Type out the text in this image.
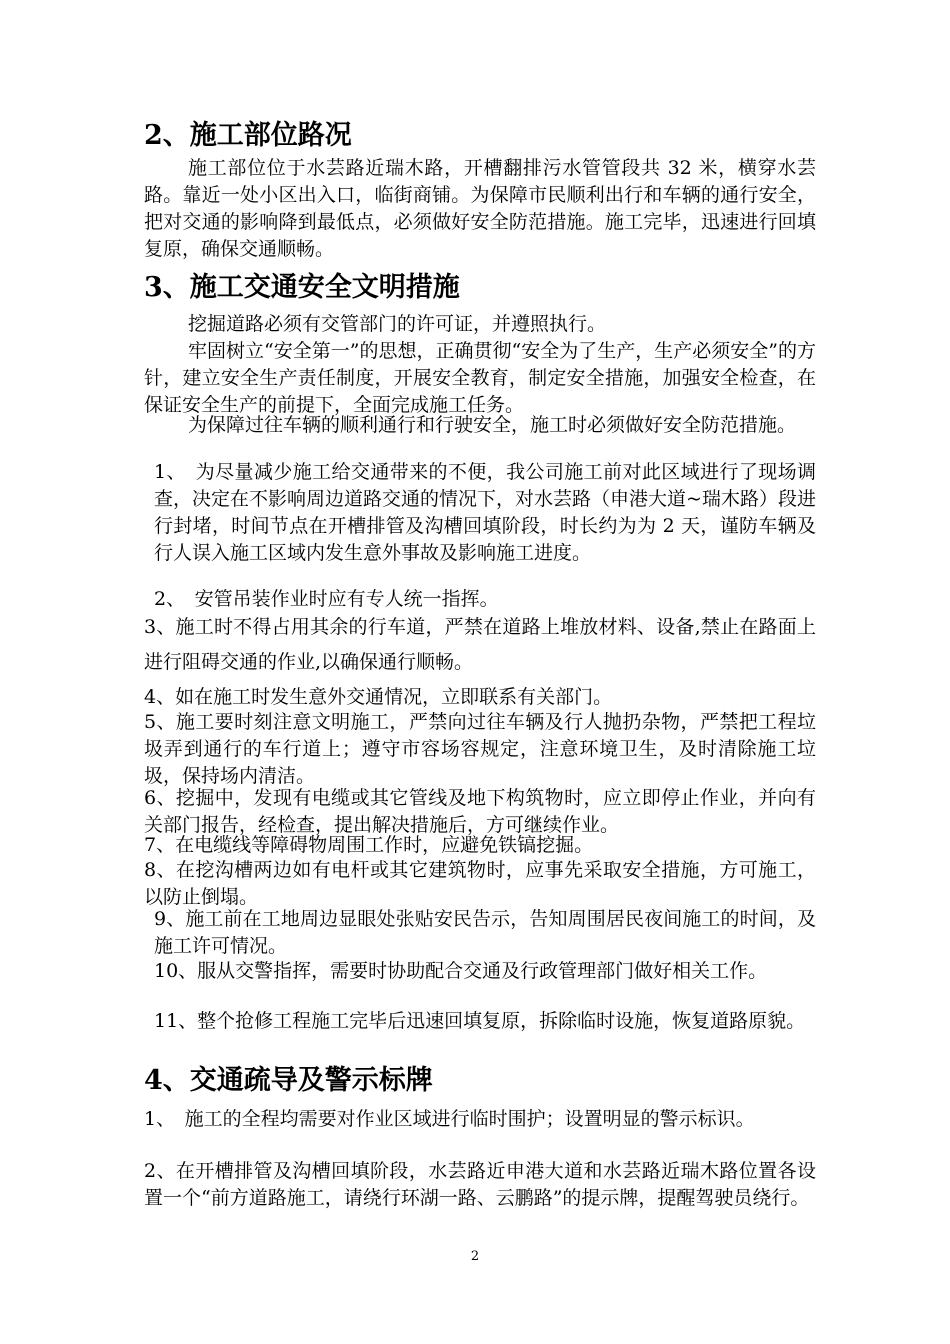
2、施工部位路况
施工部位位于水芸路近瑞木路，开槽翻排污水管管段共 32 米，横穿水芸路。靠近一处小区出入口，临街商铺。为保障市民顺利出行和车辆的通行安全，把对交通的影响降到最低点，必须做好安全防范措施。施工完毕，迅速进行回填复原，确保交通顺畅。
3、施工交通安全文明措施
挖掘道路必须有交管部门的许可证，并遵照执行。
牢固树立“安全第一”的思想，正确贯彻“安全为了生产，生产必须安全”的方针，建立安全生产责任制度，开展安全教育，制定安全措施，加强安全检查，在保证安全生产的前提下，全面完成施工任务。
为保障过往车辆的顺利通行和行驶安全，施工时必须做好安全防范措施。
1、　为尽量减少施工给交通带来的不便，我公司施工前对此区域进行了现场调查，决定在不影响周边道路交通的情况下，对水芸路（申港大道~瑞木路）段进行封堵，时间节点在开槽排管及沟槽回填阶段，时长约为为 2 天，谨防车辆及行人误入施工区域内发生意外事故及影响施工进度。
2、　安管吊装作业时应有专人统一指挥。
3、施工时不得占用其余的行车道，严禁在道路上堆放材料、设备,禁止在路面上进行阻碍交通的作业,以确保通行顺畅。
4、如在施工时发生意外交通情况，立即联系有关部门。
5、施工要时刻注意文明施工，严禁向过往车辆及行人抛扔杂物，严禁把工程垃圾弄到通行的车行道上；遵守市容场容规定，注意环境卫生，及时清除施工垃圾，保持场内清洁。
6、挖掘中，发现有电缆或其它管线及地下构筑物时，应立即停止作业，并向有关部门报告，经检查，提出解决措施后，方可继续作业。
7、在电缆线等障碍物周围工作时，应避免铁镐挖掘。
8、在挖沟槽两边如有电杆或其它建筑物时，应事先采取安全措施，方可施工，以防止倒塌。
9、施工前在工地周边显眼处张贴安民告示，告知周围居民夜间施工的时间，及施工许可情况。
10、服从交警指挥，需要时协助配合交通及行政管理部门做好相关工作。
11、整个抢修工程施工完毕后迅速回填复原，拆除临时设施，恢复道路原貌。
4、交通疏导及警示标牌
1、　施工的全程均需要对作业区域进行临时围护；设置明显的警示标识。
2、在开槽排管及沟槽回填阶段，水芸路近申港大道和水芸路近瑞木路位置各设置一个“前方道路施工，请绕行环湖一路、云鹏路”的提示牌，提醒驾驶员绕行。
2
